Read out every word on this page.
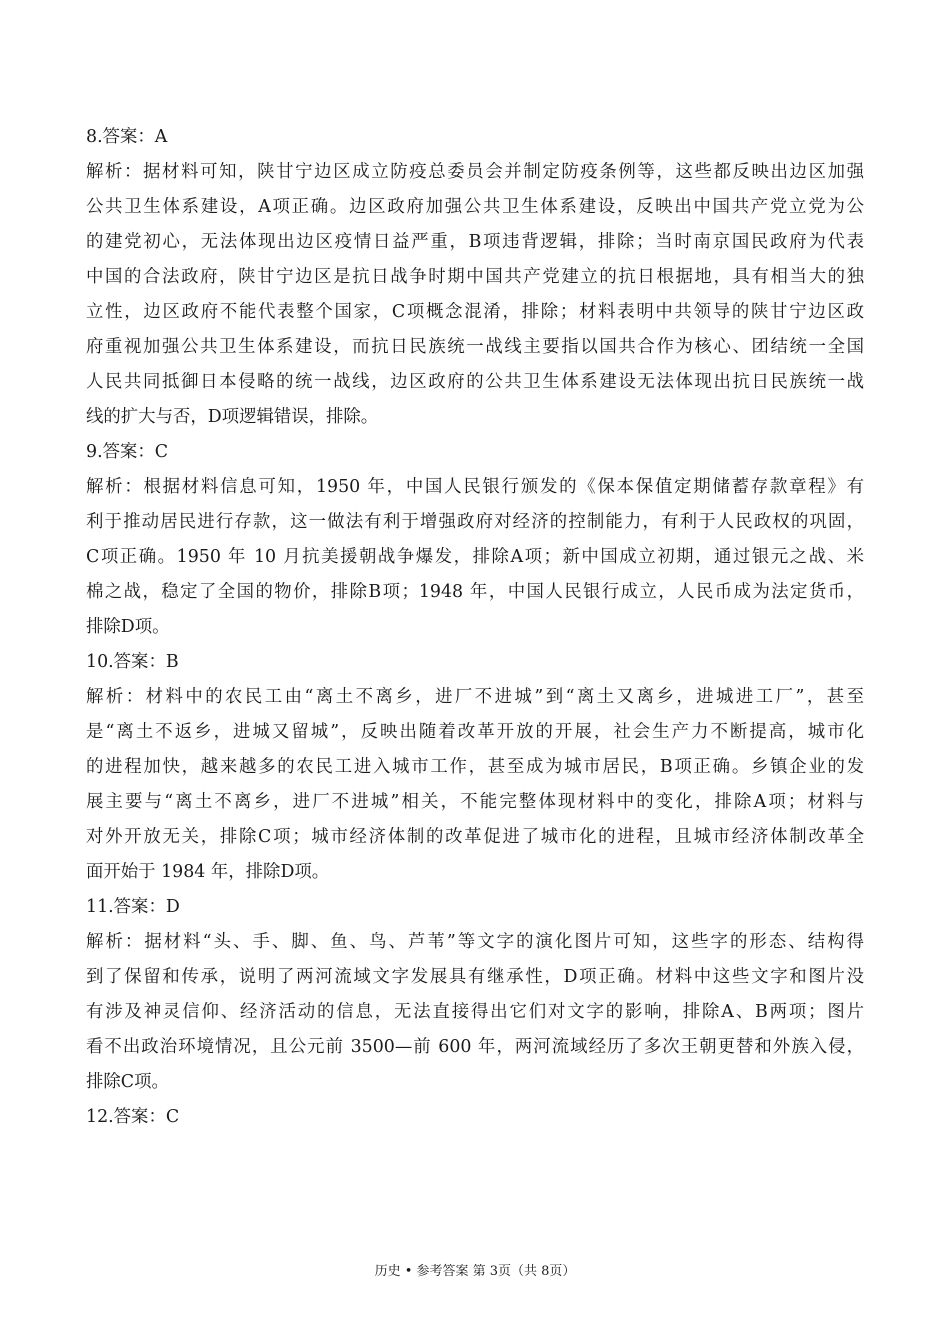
8.答案：A
解析：据材料可知，陕甘宁边区成立防疫总委员会并制定防疫条例等，这些都反映出边区加强
公共卫生体系建设，A项正确。边区政府加强公共卫生体系建设，反映出中国共产党立党为公
的建党初心，无法体现出边区疫情日益严重，B项违背逻辑，排除；当时南京国民政府为代表
中国的合法政府，陕甘宁边区是抗日战争时期中国共产党建立的抗日根据地，具有相当大的独
立性，边区政府不能代表整个国家，C项概念混淆，排除；材料表明中共领导的陕甘宁边区政
府重视加强公共卫生体系建设，而抗日民族统一战线主要指以国共合作为核心、团结统一全国
人民共同抵御日本侵略的统一战线，边区政府的公共卫生体系建设无法体现出抗日民族统一战
线的扩大与否，D项逻辑错误，排除。
9.答案：C
解析：根据材料信息可知，1950 年，中国人民银行颁发的《保本保值定期储蓄存款章程》有
利于推动居民进行存款，这一做法有利于增强政府对经济的控制能力，有利于人民政权的巩固，
C项正确。1950 年 10 月抗美援朝战争爆发，排除A项；新中国成立初期，通过银元之战、米
棉之战，稳定了全国的物价，排除B项；1948 年，中国人民银行成立，人民币成为法定货币，
排除D项。
10.答案：B
解析：材料中的农民工由“离土不离乡，进厂不进城”到“离土又离乡，进城进工厂”，甚至
是“离土不返乡，进城又留城”，反映出随着改革开放的开展，社会生产力不断提高，城市化
的进程加快，越来越多的农民工进入城市工作，甚至成为城市居民，B项正确。乡镇企业的发
展主要与“离土不离乡，进厂不进城”相关，不能完整体现材料中的变化，排除A项；材料与
对外开放无关，排除C项；城市经济体制的改革促进了城市化的进程，且城市经济体制改革全
面开始于 1984 年，排除D项。
11.答案：D
解析：据材料“头、手、脚、鱼、鸟、芦苇”等文字的演化图片可知，这些字的形态、结构得
到了保留和传承，说明了两河流域文字发展具有继承性，D项正确。材料中这些文字和图片没
有涉及神灵信仰、经济活动的信息，无法直接得出它们对文字的影响，排除A、B两项；图片
看不出政治环境情况，且公元前 3500—前 600 年，两河流域经历了多次王朝更替和外族入侵，
排除C项。
12.答案：C
历史 • 参考答案 第 3页（共 8页）
